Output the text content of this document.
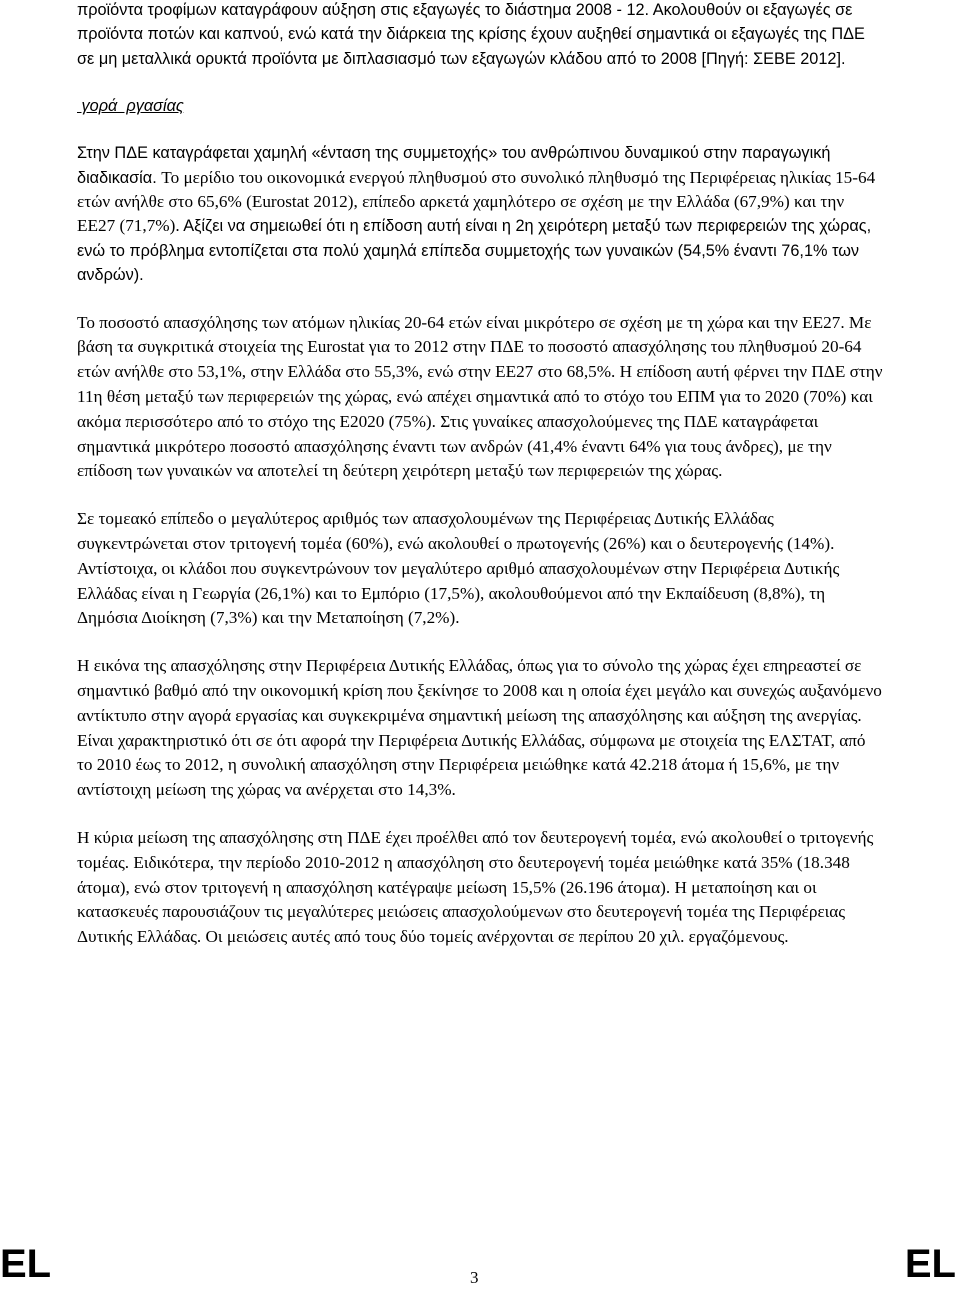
προϊόντα τροφίμων καταγράφουν αύξηση στις εξαγωγές το διάστημα 2008 - 12. Ακολουθούν οι εξαγωγές σε προϊόντα ποτών και καπνού, ενώ κατά την διάρκεια της κρίσης έχουν αυξηθεί σημαντικά οι εξαγωγές της ΠΔΕ σε μη μεταλλικά ορυκτά προϊόντα με διπλασιασμό των εξαγωγών κλάδου από το 2008 [Πηγή: ΣΕΒΕ 2012].

γορά  ργασίας

Στην ΠΔΕ καταγράφεται χαμηλή «ένταση της συμμετοχής» του ανθρώπινου δυναμικού στην παραγωγική διαδικασία. Το μερίδιο του οικονομικά ενεργού πληθυσμού στο συνολικό πληθυσμό της Περιφέρειας ηλικίας 15-64 ετών ανήλθε στο 65,6% (Eurostat 2012), επίπεδο αρκετά χαμηλότερο σε σχέση με την Ελλάδα (67,9%) και την ΕΕ27 (71,7%). Αξίζει να σημειωθεί ότι η επίδοση αυτή είναι η 2η χειρότερη μεταξύ των περιφερειών της χώρας, ενώ το πρόβλημα εντοπίζεται στα πολύ χαμηλά επίπεδα συμμετοχής των γυναικών (54,5% έναντι 76,1% των ανδρών).

Το ποσοστό απασχόλησης των ατόμων ηλικίας 20-64 ετών είναι μικρότερο σε σχέση με τη χώρα και την ΕΕ27. Με βάση τα συγκριτικά στοιχεία της Eurostat για το 2012 στην ΠΔΕ το ποσοστό απασχόλησης του πληθυσμού 20-64 ετών ανήλθε στο 53,1%, στην Ελλάδα στο 55,3%, ενώ στην ΕΕ27 στο 68,5%. Η επίδοση αυτή φέρνει την ΠΔΕ στην 11η θέση μεταξύ των περιφερειών της χώρας, ενώ απέχει σημαντικά από το στόχο του ΕΠΜ για το 2020 (70%) και ακόμα περισσότερο από το στόχο της Ε2020 (75%). Στις γυναίκες απασχολούμενες της ΠΔΕ καταγράφεται σημαντικά μικρότερο ποσοστό απασχόλησης έναντι των ανδρών (41,4% έναντι 64% για τους άνδρες), με την επίδοση των γυναικών να αποτελεί τη δεύτερη χειρότερη μεταξύ των περιφερειών της χώρας.

Σε τομεακό επίπεδο ο μεγαλύτερος αριθμός των απασχολουμένων της Περιφέρειας Δυτικής Ελλάδας συγκεντρώνεται στον τριτογενή τομέα (60%), ενώ ακολουθεί ο πρωτογενής (26%) και ο δευτερογενής (14%). Αντίστοιχα, οι κλάδοι που συγκεντρώνουν τον μεγαλύτερο αριθμό απασχολουμένων στην Περιφέρεια Δυτικής Ελλάδας είναι η Γεωργία (26,1%) και το Εμπόριο (17,5%), ακολουθούμενοι από την Εκπαίδευση (8,8%), τη Δημόσια Διοίκηση (7,3%) και την Μεταποίηση (7,2%).

Η εικόνα της απασχόλησης στην Περιφέρεια Δυτικής Ελλάδας, όπως για το σύνολο της χώρας έχει επηρεαστεί σε σημαντικό βαθμό από την οικονομική κρίση που ξεκίνησε το 2008 και η οποία έχει μεγάλο και συνεχώς αυξανόμενο αντίκτυπο στην αγορά εργασίας και συγκεκριμένα σημαντική μείωση της απασχόλησης και αύξηση της ανεργίας. Είναι χαρακτηριστικό ότι σε ότι αφορά την Περιφέρεια Δυτικής Ελλάδας, σύμφωνα με στοιχεία της ΕΛΣΤΑΤ, από το 2010 έως το 2012, η συνολική απασχόληση στην Περιφέρεια μειώθηκε κατά 42.218 άτομα ή 15,6%, με την αντίστοιχη μείωση της χώρας να ανέρχεται στο 14,3%.

Η κύρια μείωση της απασχόλησης στη ΠΔΕ έχει προέλθει από τον δευτερογενή τομέα, ενώ ακολουθεί ο τριτογενής τομέας. Ειδικότερα, την περίοδο 2010-2012 η απασχόληση στο δευτερογενή τομέα μειώθηκε κατά 35% (18.348 άτομα), ενώ στον τριτογενή η απασχόληση κατέγραψε μείωση 15,5% (26.196 άτομα). Η μεταποίηση και οι κατασκευές παρουσιάζουν τις μεγαλύτερες μειώσεις απασχολούμενων στο δευτερογενή τομέα της Περιφέρειας Δυτικής Ελλάδας. Οι μειώσεις αυτές από τους δύο τομείς ανέρχονται σε περίπου 20 χιλ. εργαζόμενους.

EL	3	EL
